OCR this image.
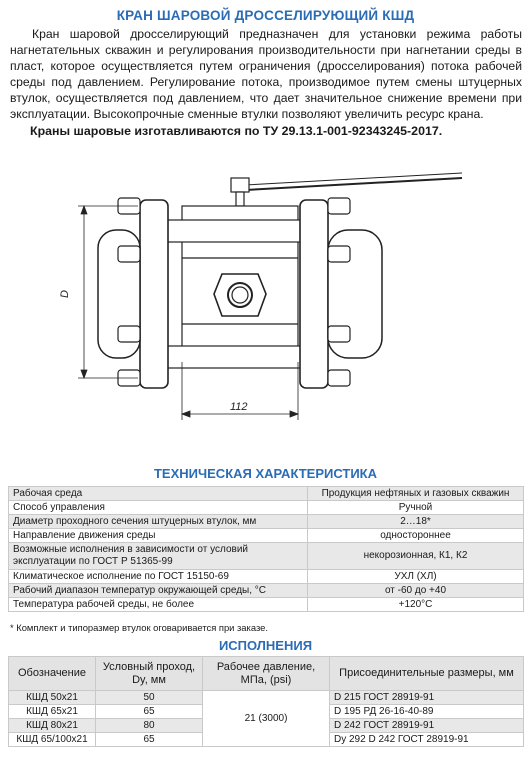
КРАН ШАРОВОЙ ДРОССЕЛИРУЮЩИЙ КШД

Кран шаровой дросселирующий предназначен для установки режима работы нагнетательных скважин и регулирования производительности при нагнетании среды в пласт, которое осуществляется путем ограничения (дросселирования) потока рабочей среды под давлением. Регулирование потока, производимое путем смены штуцерных втулок, осуществляется под давлением, что дает значительное снижение времени при эксплуатации. Высокопрочные сменные втулки позволяют увеличить ресурс крана.

Краны шаровые изготавливаются по ТУ 29.13.1-001-92343245-2017.
D
112
ТЕХНИЧЕСКАЯ ХАРАКТЕРИСТИКА
Рабочая среда	Продукция нефтяных и газовых скважин
Способ управления	Ручной
Диаметр проходного сечения штуцерных втулок, мм	2…18*
Направление движения среды	одностороннее
Возможные исполнения в зависимости от условий эксплуатации по ГОСТ Р 51365-99	некорозионная, К1, К2
Климатическое исполнение по ГОСТ 15150-69	УХЛ (ХЛ)
Рабочий диапазон температур окружающей среды, °С	от -60 до +40
Температура рабочей среды, не более	+120°С
* Комплект и типоразмер втулок оговаривается при заказе.
ИСПОЛНЕНИЯ
Обозначение	Условный проход, Dy, мм	Рабочее давление, МПа, (psi)	Присоединительные размеры, мм
КШД 50х21	50	21 (3000)	D 215 ГОСТ 28919-91
КШД 65х21	65		D 195 РД 26-16-40-89
КШД 80х21	80		D 242 ГОСТ 28919-91
КШД 65/100х21	65		Dy 292 D 242 ГОСТ 28919-91
